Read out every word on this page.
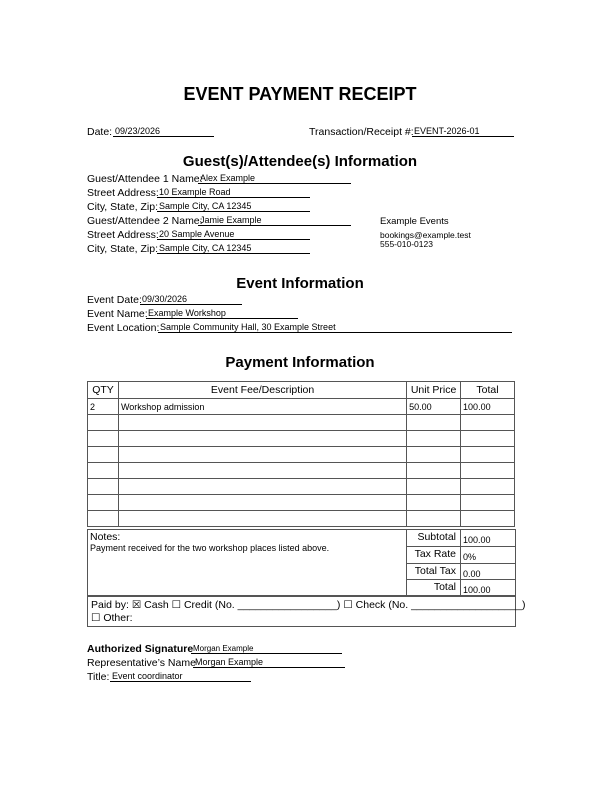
EVENT PAYMENT RECEIPT
Date: 09/23/2026	Transaction/Receipt #: EVENT-2026-01
Guest(s)/Attendee(s) Information
Guest/Attendee 1 Name:
Alex Example
Street Address: 10 Example Road
City, State, Zip: Sample City, CA 12345
Guest/Attendee 2 Name:
Jamie Example
Street Address: 20 Sample Avenue
City, State, Zip: Sample City, CA 12345
Example Events
bookings@example.test
555-010-0123
Event Information
Event Date: 09/30/2026
Event Name: Example Workshop
Event Location: Sample Community Hall, 30 Example Street
Payment Information
QTY	Event Fee/Description	Unit Price	Total
2	Workshop admission	50.00	100.00

Notes:
Payment received for the two workshop places listed above.
Subtotal 100.00
Tax Rate 0%
Total Tax 0.00
Total 100.00
Paid by: ☒ Cash ☐ Credit (No. _________________) ☐ Check (No. ___________________)
☐ Other:
Authorized Signature Morgan Example
Representative’s Name Morgan Example
Title: Event coordinator
